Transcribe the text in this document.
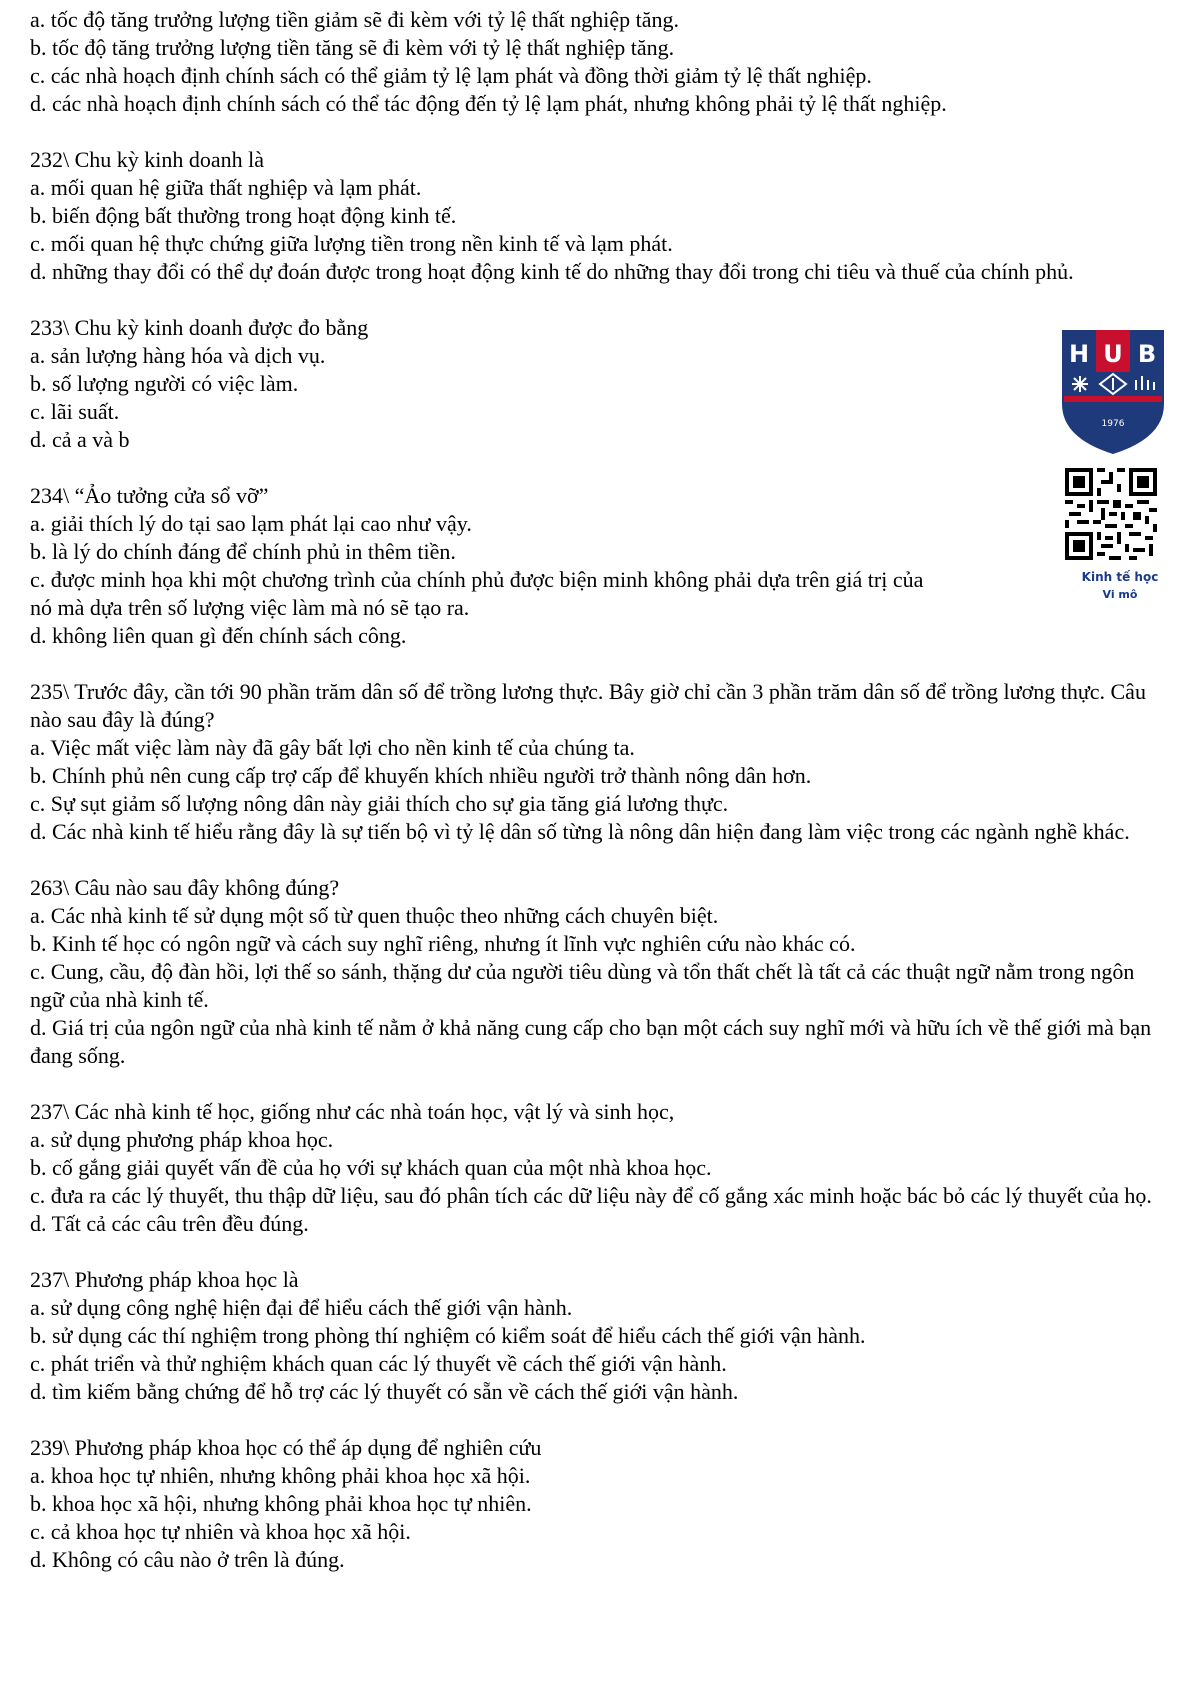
a. tốc độ tăng trưởng lượng tiền giảm sẽ đi kèm với tỷ lệ thất nghiệp tăng.
b. tốc độ tăng trưởng lượng tiền tăng sẽ đi kèm với tỷ lệ thất nghiệp tăng.
c. các nhà hoạch định chính sách có thể giảm tỷ lệ lạm phát và đồng thời giảm tỷ lệ thất nghiệp.
d. các nhà hoạch định chính sách có thể tác động đến tỷ lệ lạm phát, nhưng không phải tỷ lệ thất nghiệp.
232\ Chu kỳ kinh doanh là
a. mối quan hệ giữa thất nghiệp và lạm phát.
b. biến động bất thường trong hoạt động kinh tế.
c. mối quan hệ thực chứng giữa lượng tiền trong nền kinh tế và lạm phát.
d. những thay đổi có thể dự đoán được trong hoạt động kinh tế do những thay đổi trong chi tiêu và thuế của chính phủ.
233\ Chu kỳ kinh doanh được đo bằng
a. sản lượng hàng hóa và dịch vụ.
b. số lượng người có việc làm.
c. lãi suất.
d. cả a và b
234\ “Ảo tưởng cửa sổ vỡ”
a. giải thích lý do tại sao lạm phát lại cao như vậy.
b. là lý do chính đáng để chính phủ in thêm tiền.
c. được minh họa khi một chương trình của chính phủ được biện minh không phải dựa trên giá trị của
nó mà dựa trên số lượng việc làm mà nó sẽ tạo ra.
d. không liên quan gì đến chính sách công.
235\ Trước đây, cần tới 90 phần trăm dân số để trồng lương thực. Bây giờ chỉ cần 3 phần trăm dân số để trồng lương thực. Câu nào sau đây là đúng?
a. Việc mất việc làm này đã gây bất lợi cho nền kinh tế của chúng ta.
b. Chính phủ nên cung cấp trợ cấp để khuyến khích nhiều người trở thành nông dân hơn.
c. Sự sụt giảm số lượng nông dân này giải thích cho sự gia tăng giá lương thực.
d. Các nhà kinh tế hiểu rằng đây là sự tiến bộ vì tỷ lệ dân số từng là nông dân hiện đang làm việc trong các ngành nghề khác.
263\ Câu nào sau đây không đúng?
a. Các nhà kinh tế sử dụng một số từ quen thuộc theo những cách chuyên biệt.
b. Kinh tế học có ngôn ngữ và cách suy nghĩ riêng, nhưng ít lĩnh vực nghiên cứu nào khác có.
c. Cung, cầu, độ đàn hồi, lợi thế so sánh, thặng dư của người tiêu dùng và tổn thất chết là tất cả các thuật ngữ nằm trong ngôn ngữ của nhà kinh tế.
d. Giá trị của ngôn ngữ của nhà kinh tế nằm ở khả năng cung cấp cho bạn một cách suy nghĩ mới và hữu ích về thế giới mà bạn đang sống.
237\ Các nhà kinh tế học, giống như các nhà toán học, vật lý và sinh học,
a. sử dụng phương pháp khoa học.
b. cố gắng giải quyết vấn đề của họ với sự khách quan của một nhà khoa học.
c. đưa ra các lý thuyết, thu thập dữ liệu, sau đó phân tích các dữ liệu này để cố gắng xác minh hoặc bác bỏ các lý thuyết của họ.
d. Tất cả các câu trên đều đúng.
237\ Phương pháp khoa học là
a. sử dụng công nghệ hiện đại để hiểu cách thế giới vận hành.
b. sử dụng các thí nghiệm trong phòng thí nghiệm có kiểm soát để hiểu cách thế giới vận hành.
c. phát triển và thử nghiệm khách quan các lý thuyết về cách thế giới vận hành.
d. tìm kiếm bằng chứng để hỗ trợ các lý thuyết có sẵn về cách thế giới vận hành.
239\ Phương pháp khoa học có thể áp dụng để nghiên cứu
a. khoa học tự nhiên, nhưng không phải khoa học xã hội.
b. khoa học xã hội, nhưng không phải khoa học tự nhiên.
c. cả khoa học tự nhiên và khoa học xã hội.
d. Không có câu nào ở trên là đúng.
H U B
1976
Kinh tế học
Vi mô
